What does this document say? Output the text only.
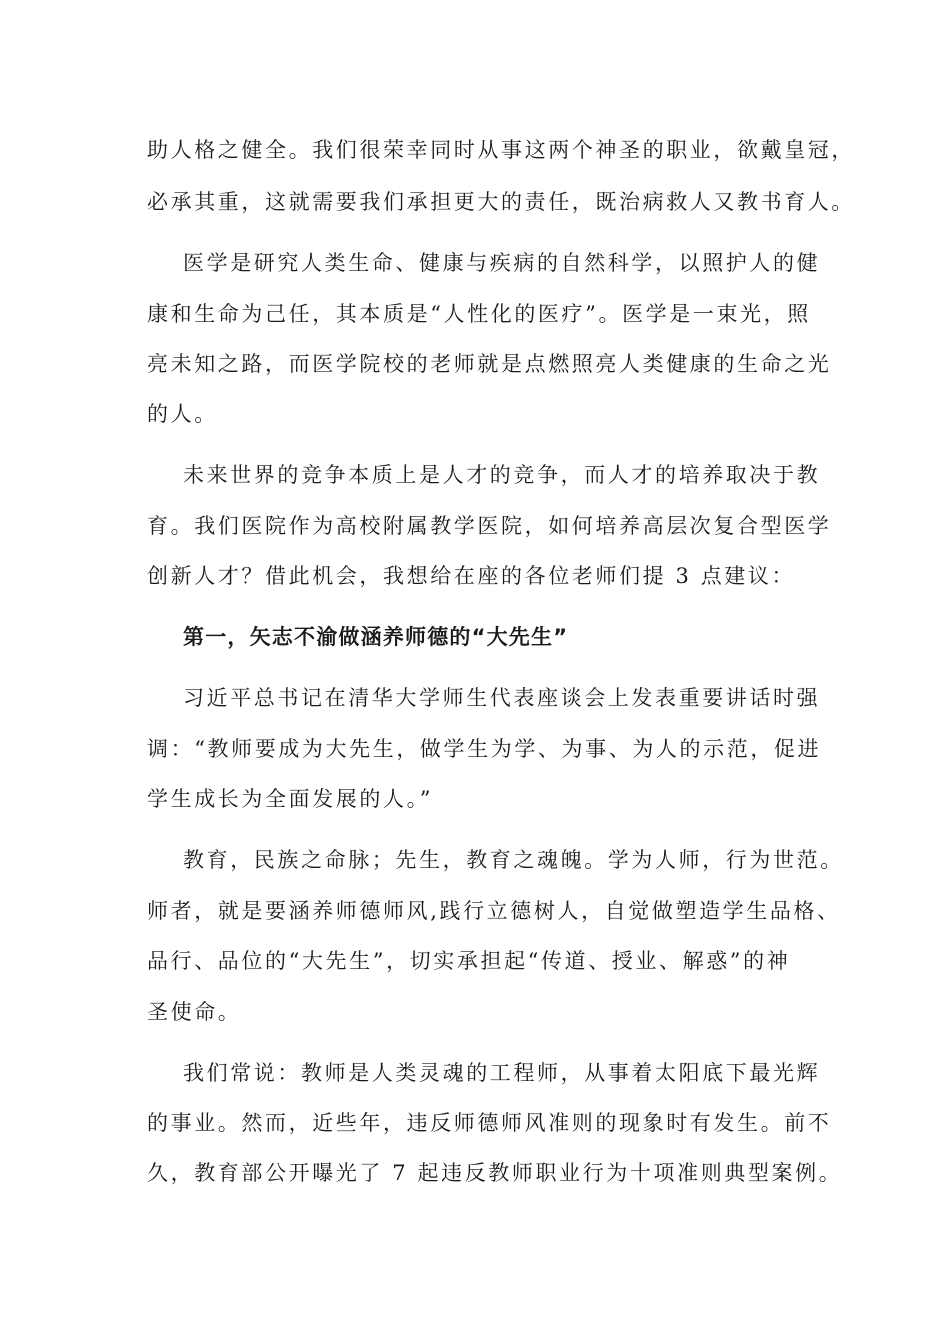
助人格之健全。我们很荣幸同时从事这两个神圣的职业，欲戴皇冠，
必承其重，这就需要我们承担更大的责任，既治病救人又教书育人。
医学是研究人类生命、健康与疾病的自然科学，以照护人的健
康和生命为己任，其本质是“人性化的医疗”。医学是一束光，照
亮未知之路，而医学院校的老师就是点燃照亮人类健康的生命之光
的人。
未来世界的竞争本质上是人才的竞争，而人才的培养取决于教
育。我们医院作为高校附属教学医院，如何培养高层次复合型医学
创新人才？借此机会，我想给在座的各位老师们提 3 点建议：
第一，矢志不渝做涵养师德的“大先生”
习近平总书记在清华大学师生代表座谈会上发表重要讲话时强
调：“教师要成为大先生，做学生为学、为事、为人的示范，促进
学生成长为全面发展的人。”
教育，民族之命脉；先生，教育之魂魄。学为人师，行为世范。
师者，就是要涵养师德师风,践行立德树人，自觉做塑造学生品格、
品行、品位的“大先生”，切实承担起“传道、授业、解惑”的神
圣使命。
我们常说：教师是人类灵魂的工程师，从事着太阳底下最光辉
的事业。然而，近些年，违反师德师风准则的现象时有发生。前不
久，教育部公开曝光了 7 起违反教师职业行为十项准则典型案例。
